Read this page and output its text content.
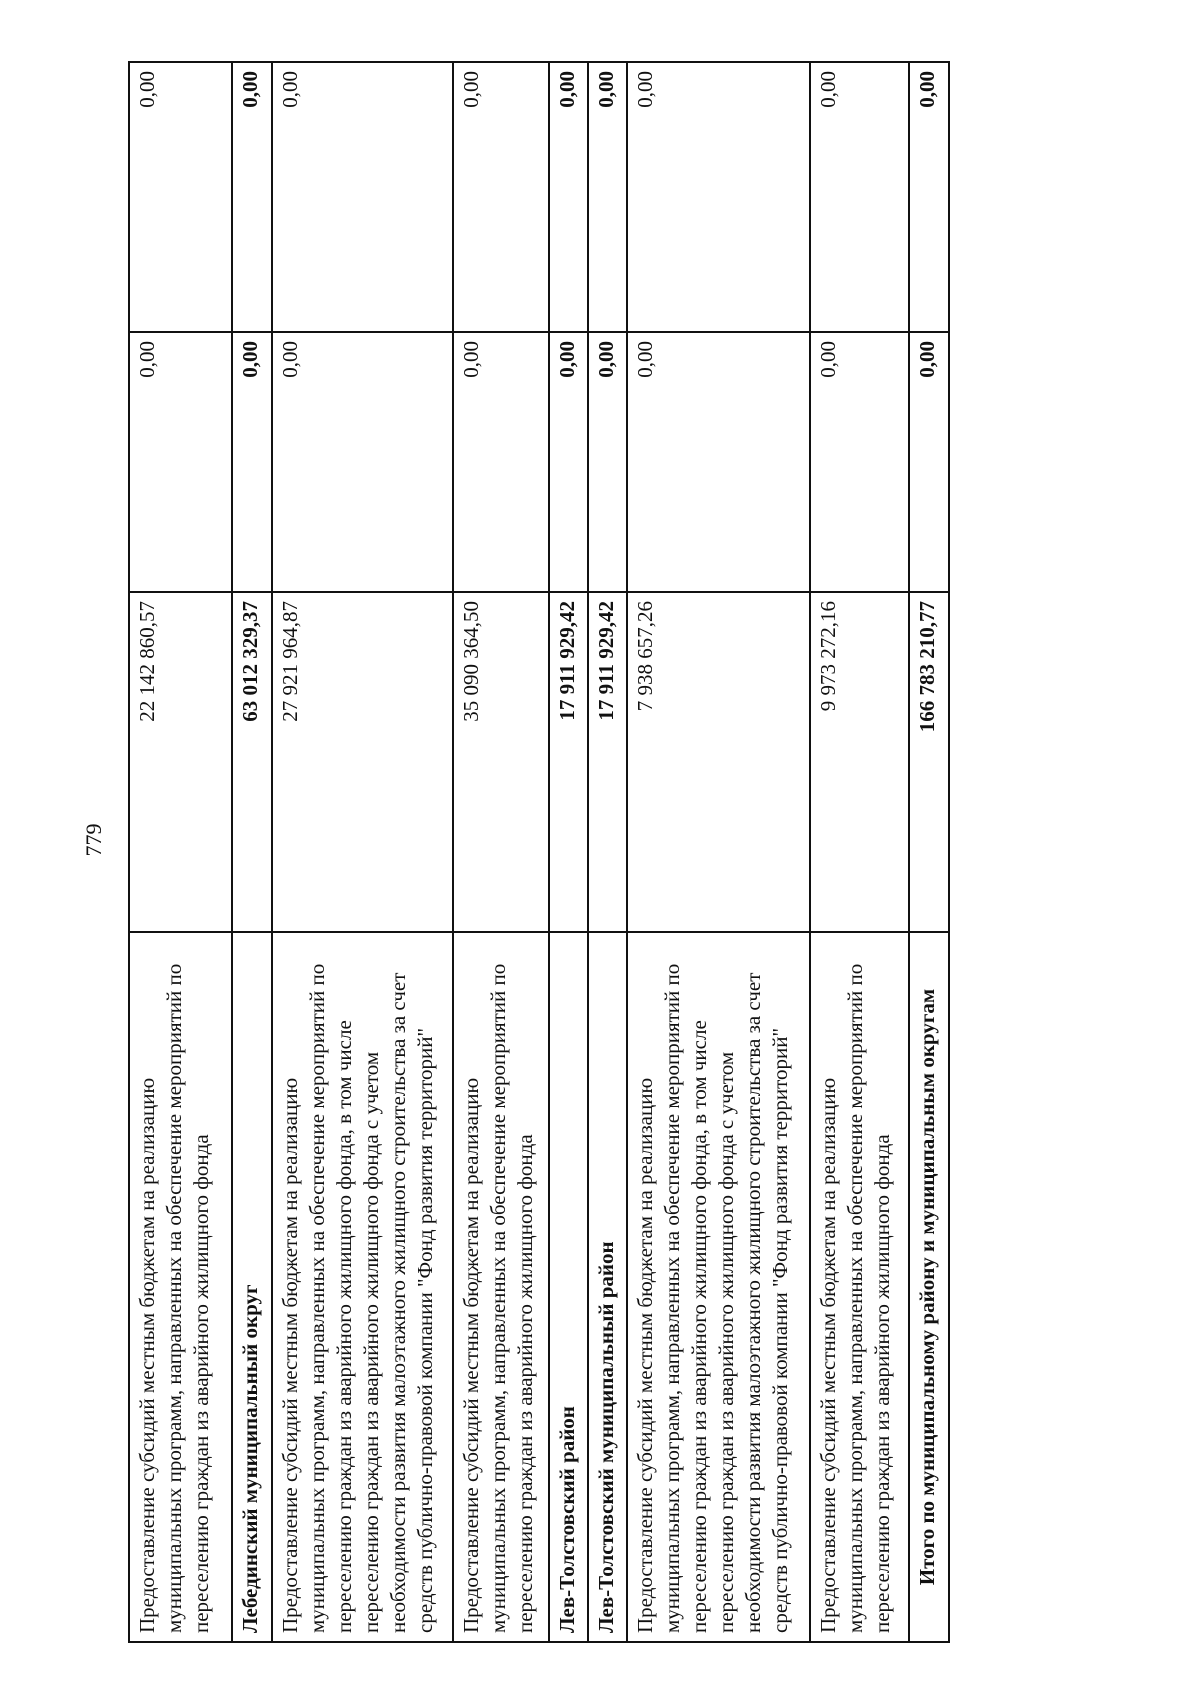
779
Предоставление субсидий местным бюджетам на реализацию муниципальных программ, направленных на обеспечение мероприятий по переселению граждан из аварийного жилищного фонда	22 142 860,57	0,00	0,00
Лебединский муниципальный округ	63 012 329,37	0,00	0,00
Предоставление субсидий местным бюджетам на реализацию муниципальных программ, направленных на обеспечение мероприятий по переселению граждан из аварийного жилищного фонда, в том числе переселению граждан из аварийного жилищного фонда с учетом необходимости развития малоэтажного жилищного строительства за счет средств публично-правовой компании "Фонд развития территорий"	27 921 964,87	0,00	0,00
Предоставление субсидий местным бюджетам на реализацию муниципальных программ, направленных на обеспечение мероприятий по переселению граждан из аварийного жилищного фонда	35 090 364,50	0,00	0,00
Лев-Толстовский район	17 911 929,42	0,00	0,00
Лев-Толстовский муниципальный район	17 911 929,42	0,00	0,00
Предоставление субсидий местным бюджетам на реализацию муниципальных программ, направленных на обеспечение мероприятий по переселению граждан из аварийного жилищного фонда, в том числе переселению граждан из аварийного жилищного фонда с учетом необходимости развития малоэтажного жилищного строительства за счет средств публично-правовой компании "Фонд развития территорий"	7 938 657,26	0,00	0,00
Предоставление субсидий местным бюджетам на реализацию муниципальных программ, направленных на обеспечение мероприятий по переселению граждан из аварийного жилищного фонда	9 973 272,16	0,00	0,00
Итого по муниципальному району и муниципальным округам	166 783 210,77	0,00	0,00
